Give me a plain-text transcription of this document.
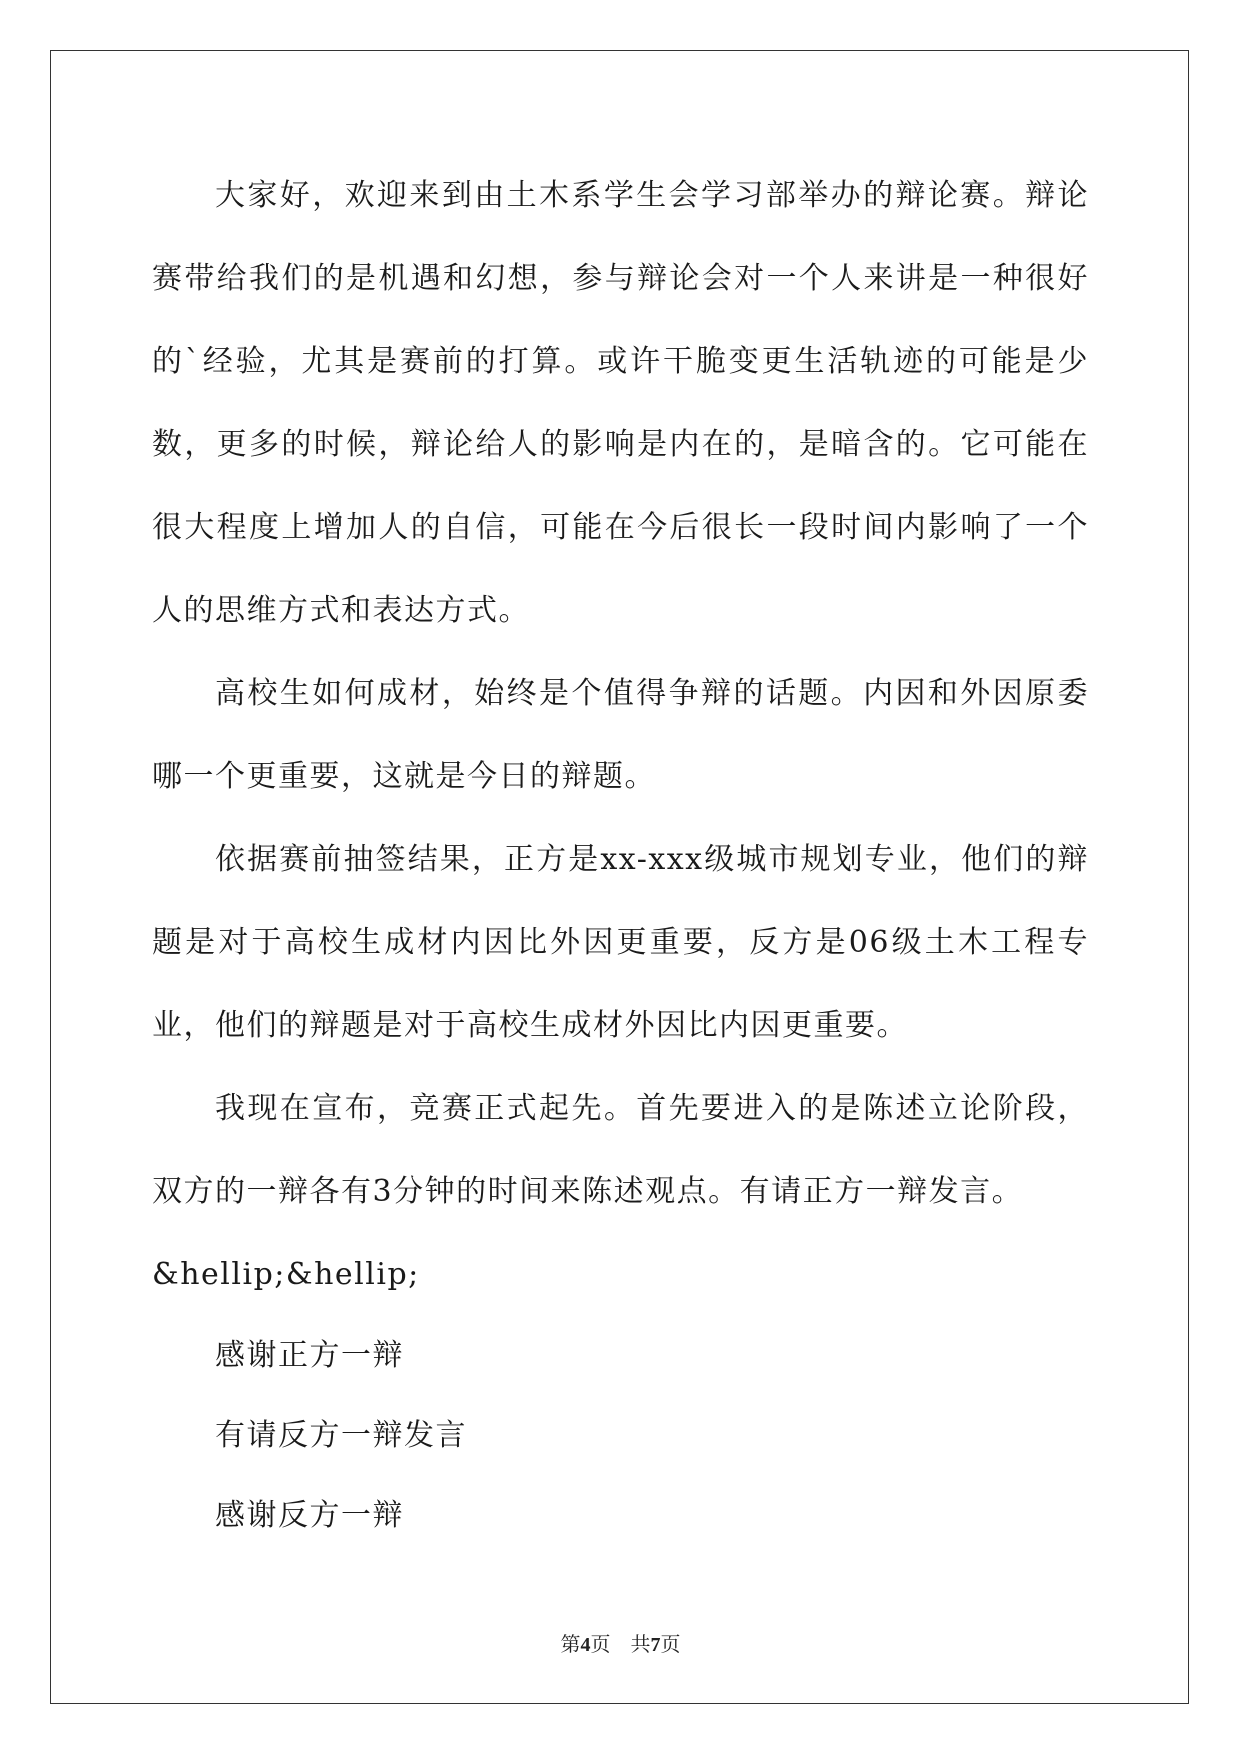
大家好，欢迎来到由土木系学生会学习部举办的辩论赛。辩论赛带给我们的是机遇和幻想，参与辩论会对一个人来讲是一种很好的`经验，尤其是赛前的打算。或许干脆变更生活轨迹的可能是少数，更多的时候，辩论给人的影响是内在的，是暗含的。它可能在很大程度上增加人的自信，可能在今后很长一段时间内影响了一个人的思维方式和表达方式。

高校生如何成材，始终是个值得争辩的话题。内因和外因原委哪一个更重要，这就是今日的辩题。

依据赛前抽签结果，正方是xx-xxx级城市规划专业，他们的辩题是对于高校生成材内因比外因更重要，反方是06级土木工程专业，他们的辩题是对于高校生成材外因比内因更重要。

我现在宣布，竞赛正式起先。首先要进入的是陈述立论阶段，双方的一辩各有3分钟的时间来陈述观点。有请正方一辩发言。

&hellip;&hellip;

感谢正方一辩

有请反方一辩发言

感谢反方一辩

第4页 共7页
